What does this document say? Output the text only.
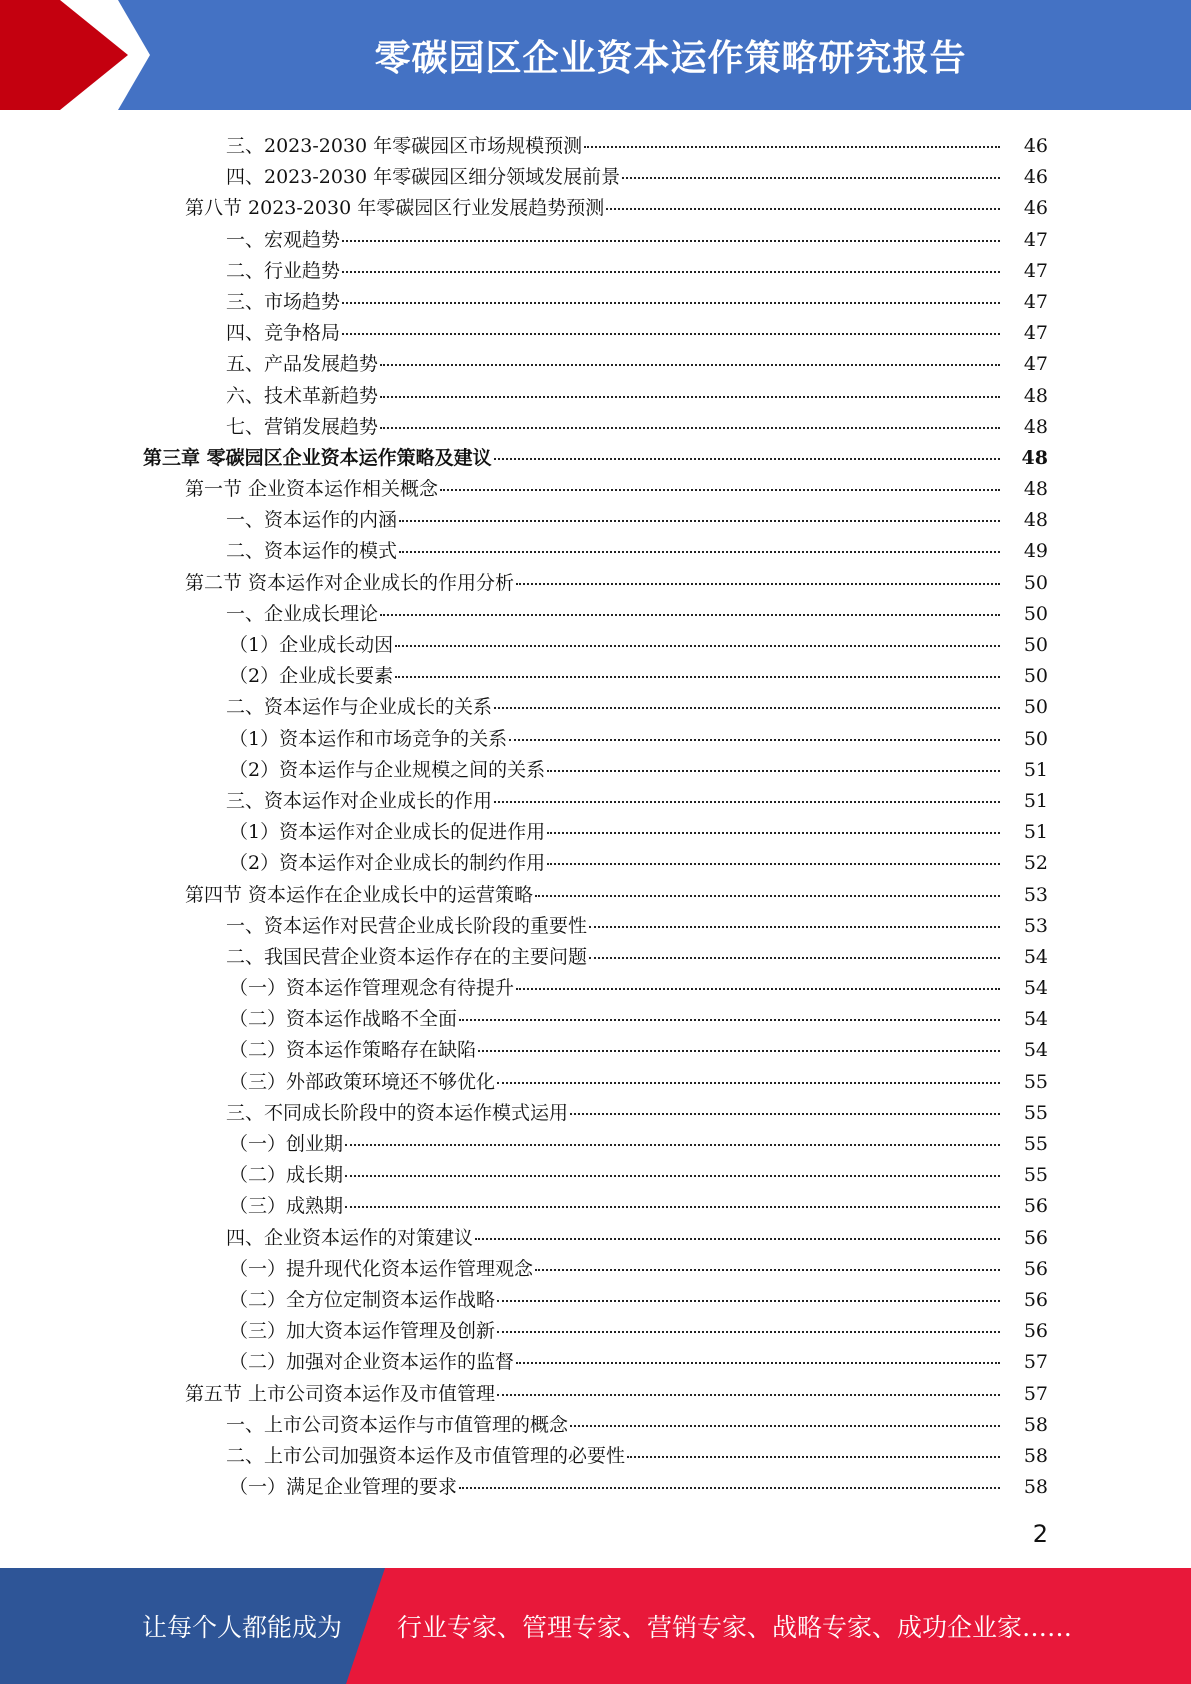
零碳园区企业资本运作策略研究报告
三、2023-2030 年零碳园区市场规模预测	46
四、2023-2030 年零碳园区细分领域发展前景	46
第八节 2023-2030 年零碳园区行业发展趋势预测	46
一、宏观趋势	47
二、行业趋势	47
三、市场趋势	47
四、竞争格局	47
五、产品发展趋势	47
六、技术革新趋势	48
七、营销发展趋势	48
第三章 零碳园区企业资本运作策略及建议	48
第一节 企业资本运作相关概念	48
一、资本运作的内涵	48
二、资本运作的模式	49
第二节 资本运作对企业成长的作用分析	50
一、企业成长理论	50
（1）企业成长动因	50
（2）企业成长要素	50
二、资本运作与企业成长的关系	50
（1）资本运作和市场竞争的关系	50
（2）资本运作与企业规模之间的关系	51
三、资本运作对企业成长的作用	51
（1）资本运作对企业成长的促进作用	51
（2）资本运作对企业成长的制约作用	52
第四节 资本运作在企业成长中的运营策略	53
一、资本运作对民营企业成长阶段的重要性	53
二、我国民营企业资本运作存在的主要问题	54
（一）资本运作管理观念有待提升	54
（二）资本运作战略不全面	54
（二）资本运作策略存在缺陷	54
（三）外部政策环境还不够优化	55
三、不同成长阶段中的资本运作模式运用	55
（一）创业期	55
（二）成长期	55
（三）成熟期	56
四、企业资本运作的对策建议	56
（一）提升现代化资本运作管理观念	56
（二）全方位定制资本运作战略	56
（三）加大资本运作管理及创新	56
（二）加强对企业资本运作的监督	57
第五节 上市公司资本运作及市值管理	57
一、上市公司资本运作与市值管理的概念	58
二、上市公司加强资本运作及市值管理的必要性	58
（一）满足企业管理的要求	58
2
让每个人都能成为 行业专家、管理专家、营销专家、战略专家、成功企业家……
